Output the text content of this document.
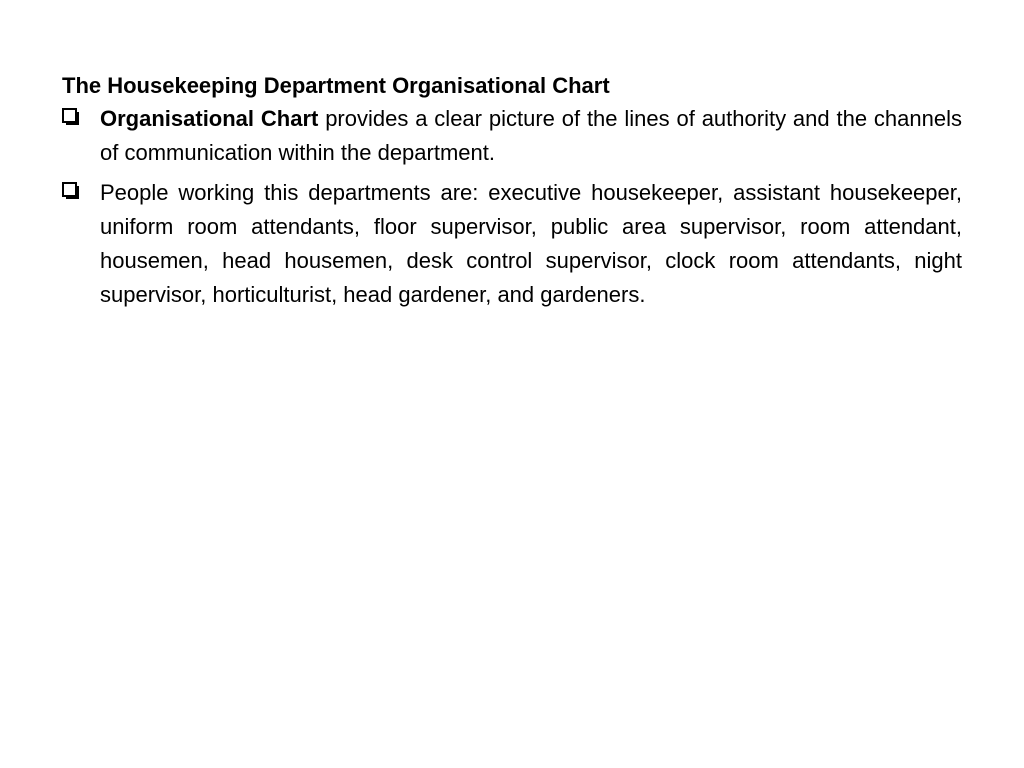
The Housekeeping Department Organisational Chart
Organisational Chart provides a clear picture of the lines of authority and the channels of communication within the department.
People working this departments are: executive housekeeper, assistant housekeeper, uniform room attendants, floor supervisor, public area supervisor, room attendant, housemen, head housemen, desk control supervisor, clock room attendants, night supervisor, horticulturist, head gardener, and gardeners.
